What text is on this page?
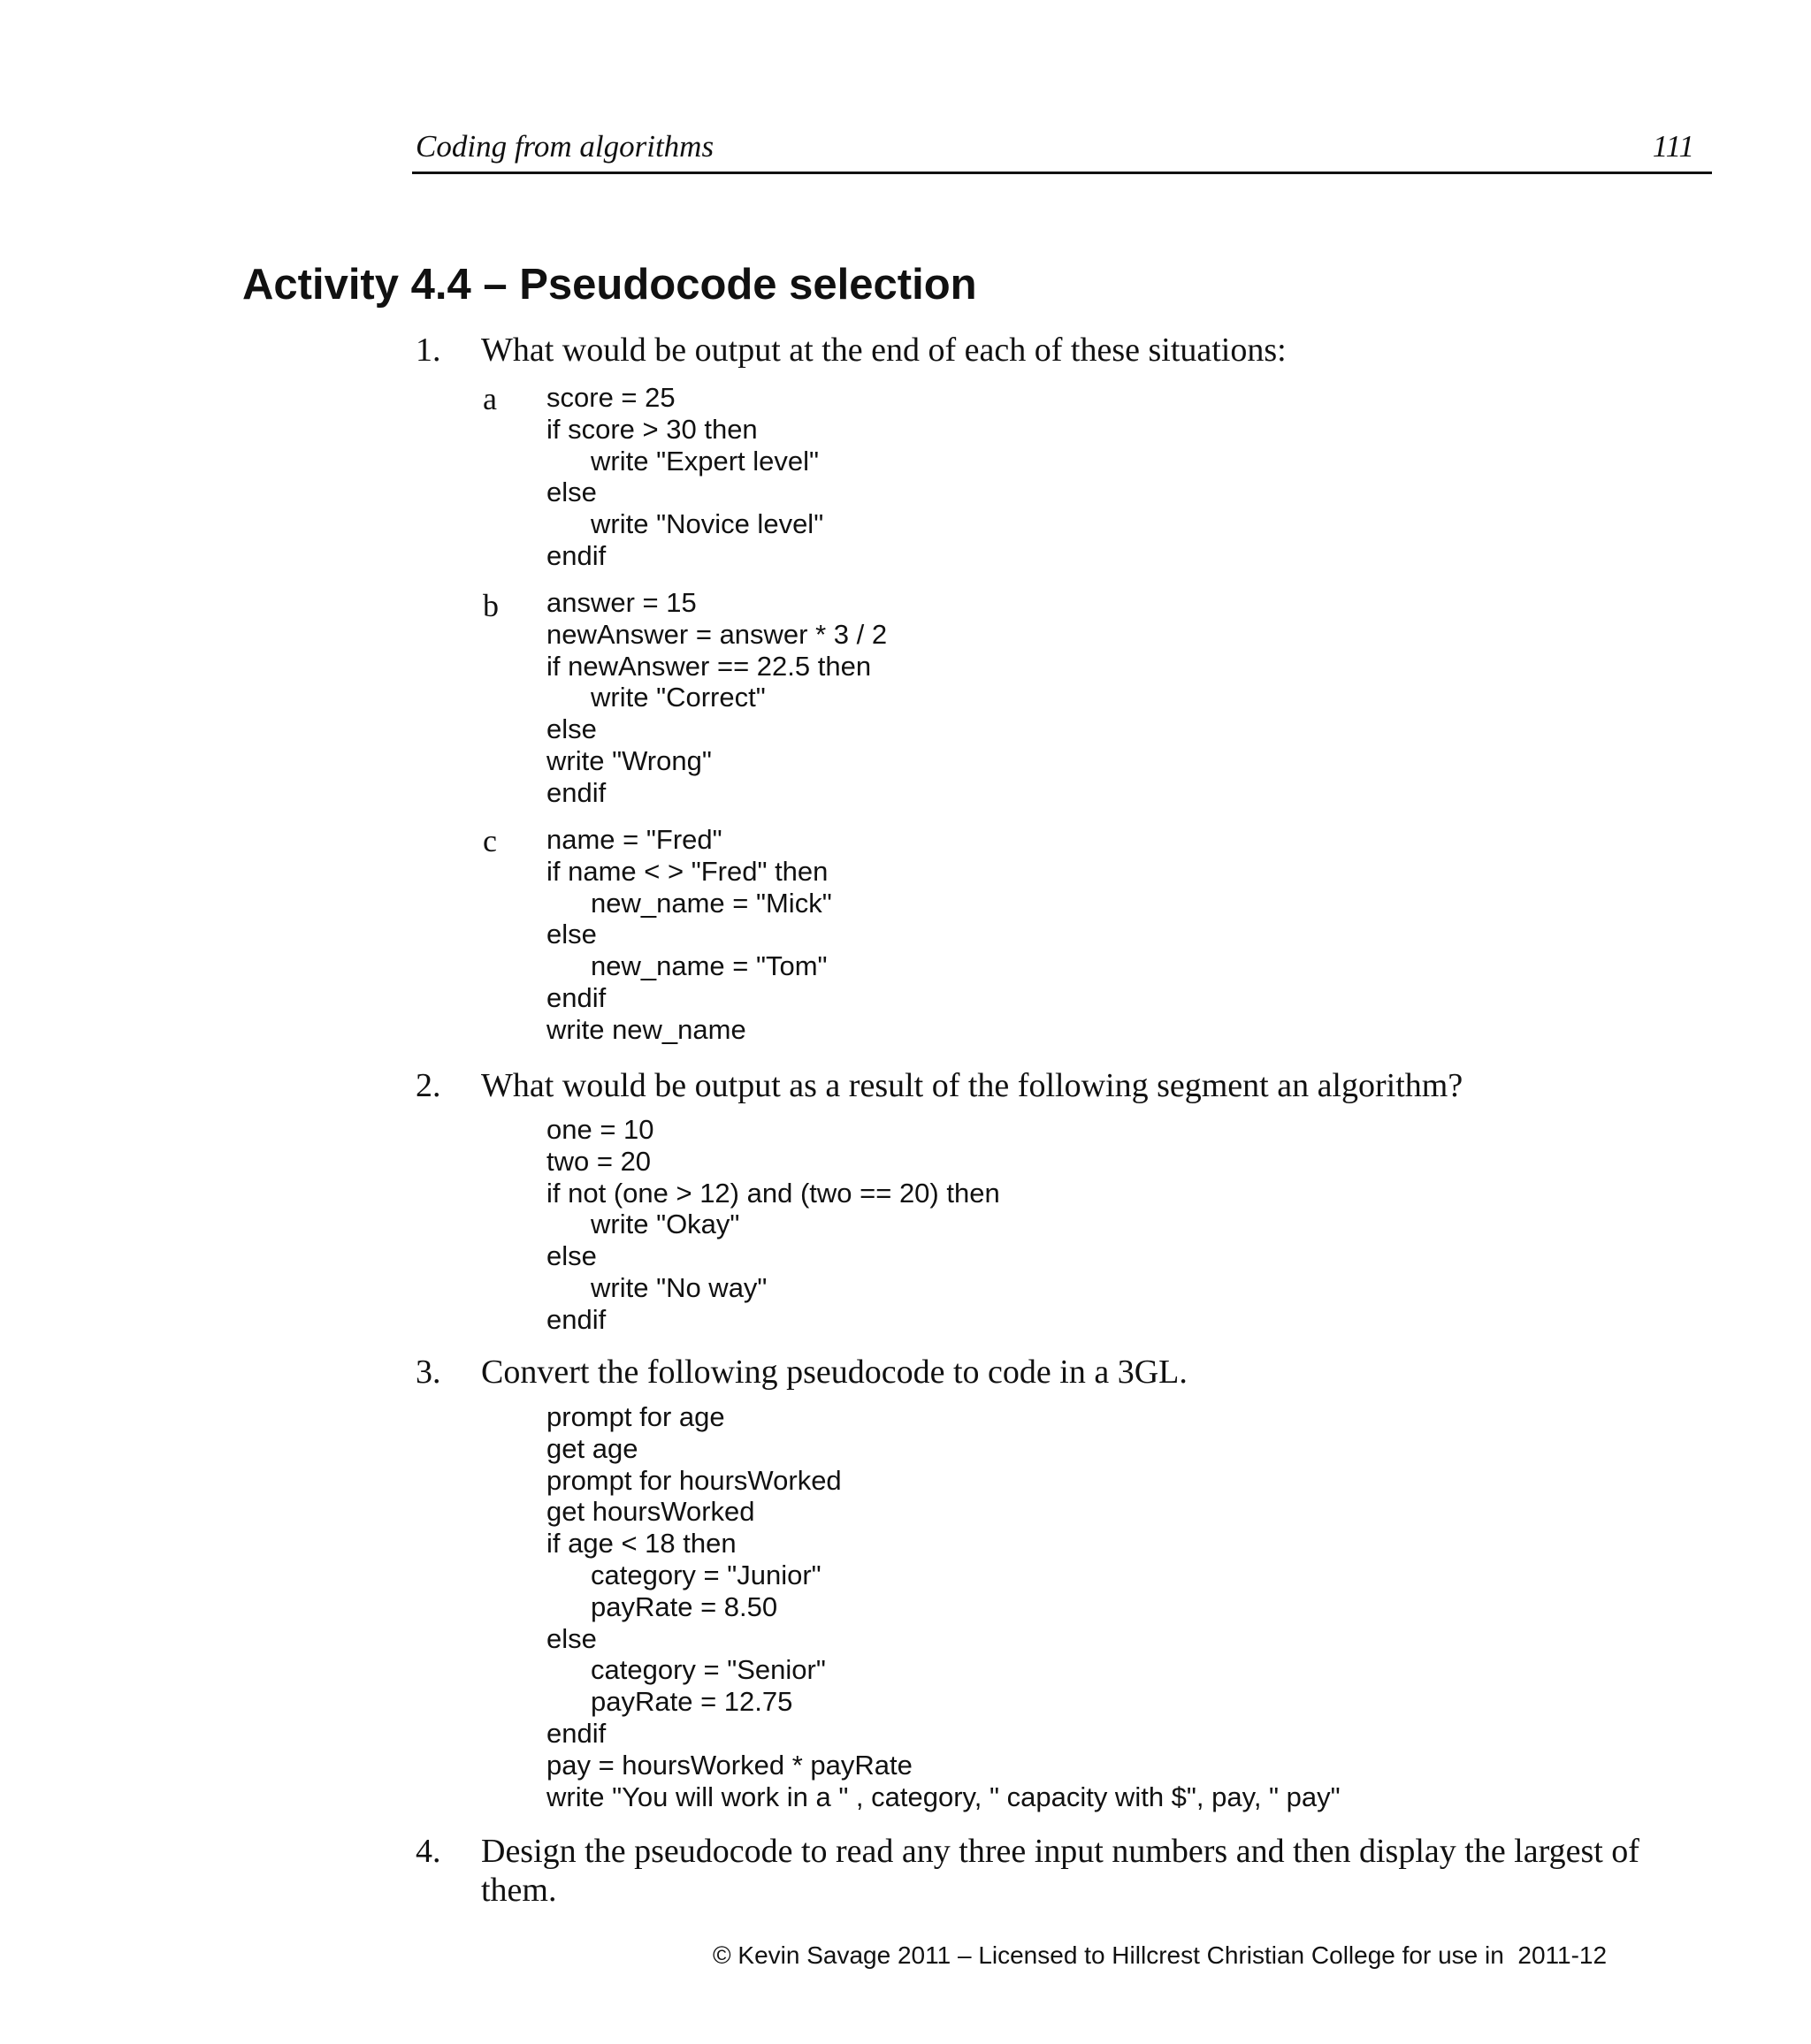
Coding from algorithms	111
Activity 4.4 – Pseudocode selection
1. What would be output at the end of each of these situations:
a score = 25
if score > 30 then
write "Expert level"
else
write "Novice level"
endif
b answer = 15
newAnswer = answer * 3 / 2
if newAnswer == 22.5 then
write "Correct"
else
write "Wrong"
endif
c name = "Fred"
if name < > "Fred" then
new_name = "Mick"
else
new_name = "Tom"
endif
write new_name
2. What would be output as a result of the following segment an algorithm?
one = 10
two = 20
if not (one > 12) and (two == 20) then
write "Okay"
else
write "No way"
endif
3. Convert the following pseudocode to code in a 3GL.
prompt for age
get age
prompt for hoursWorked
get hoursWorked
if age < 18 then
category = "Junior"
payRate = 8.50
else
category = "Senior"
payRate = 12.75
endif
pay = hoursWorked * payRate
write "You will work in a " , category, " capacity with $", pay, " pay"
4. Design the pseudocode to read any three input numbers and then display the largest of them.
© Kevin Savage 2011 – Licensed to Hillcrest Christian College for use in  2011-12
